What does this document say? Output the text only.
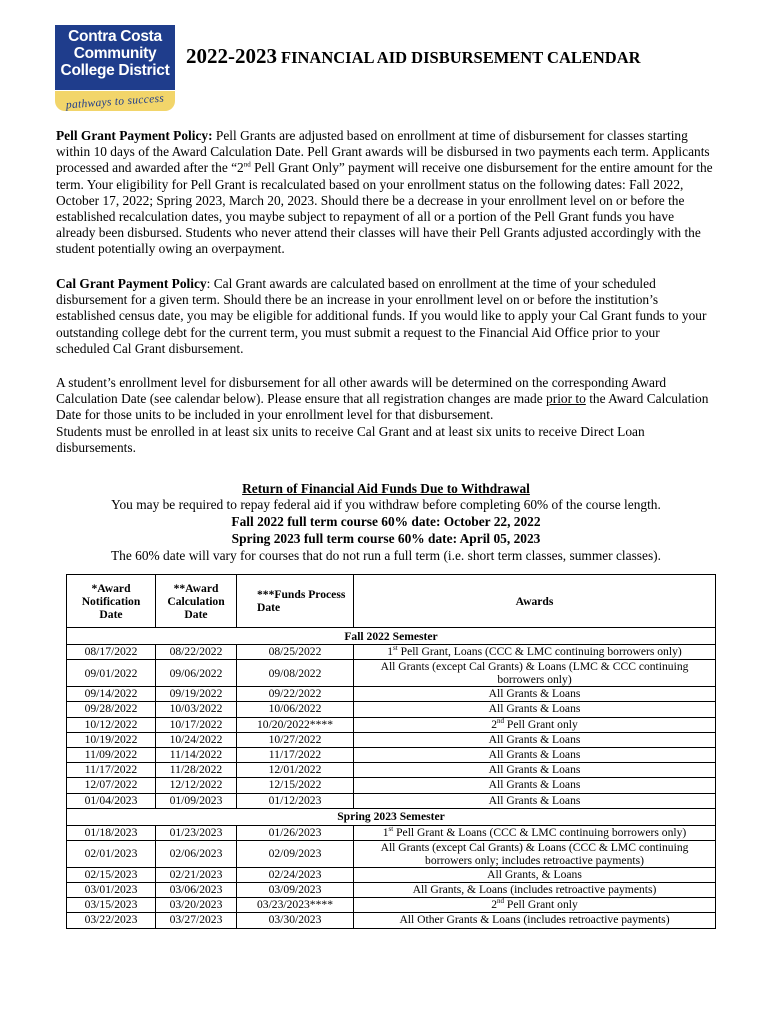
Contra Costa
Community
College District
pathways to success
2022-2023 FINANCIAL AID DISBURSEMENT CALENDAR

Pell Grant Payment Policy: Pell Grants are adjusted based on enrollment at time of disbursement for classes starting within 10 days of the Award Calculation Date. Pell Grant awards will be disbursed in two payments each term. Applicants processed and awarded after the “2nd Pell Grant Only” payment will receive one disbursement for the entire amount for the term. Your eligibility for Pell Grant is recalculated based on your enrollment status on the following dates: Fall 2022, October 17, 2022; Spring 2023, March 20, 2023. Should there be a decrease in your enrollment level on or before the established recalculation dates, you maybe subject to repayment of all or a portion of the Pell Grant funds you have already been disbursed. Students who never attend their classes will have their Pell Grants adjusted accordingly with the student potentially owing an overpayment.

Cal Grant Payment Policy: Cal Grant awards are calculated based on enrollment at the time of your scheduled disbursement for a given term. Should there be an increase in your enrollment level on or before the institution’s established census date, you may be eligible for additional funds. If you would like to apply your Cal Grant funds to your outstanding college debt for the current term, you must submit a request to the Financial Aid Office prior to your scheduled Cal Grant disbursement.

A student’s enrollment level for disbursement for all other awards will be determined on the corresponding Award Calculation Date (see calendar below). Please ensure that all registration changes are made prior to the Award Calculation Date for those units to be included in your enrollment level for that disbursement.
Students must be enrolled in at least six units to receive Cal Grant and at least six units to receive Direct Loan disbursements.

Return of Financial Aid Funds Due to Withdrawal
You may be required to repay federal aid if you withdraw before completing 60% of the course length.
Fall 2022 full term course 60% date: October 22, 2022
Spring 2023 full term course 60% date: April 05, 2023
The 60% date will vary for courses that do not run a full term (i.e. short term classes, summer classes).
*Award Notification Date	**Award Calculation Date	***Funds Process Date	Awards
Fall 2022 Semester			
08/17/2022	08/22/2022	08/25/2022	1st Pell Grant, Loans (CCC & LMC continuing borrowers only)
09/01/2022	09/06/2022	09/08/2022	All Grants (except Cal Grants) & Loans (LMC & CCC continuing borrowers only)
09/14/2022	09/19/2022	09/22/2022	All Grants & Loans
09/28/2022	10/03/2022	10/06/2022	All Grants & Loans
10/12/2022	10/17/2022	10/20/2022****	2nd Pell Grant only
10/19/2022	10/24/2022	10/27/2022	All Grants & Loans
11/09/2022	11/14/2022	11/17/2022	All Grants & Loans
11/17/2022	11/28/2022	12/01/2022	All Grants & Loans
12/07/2022	12/12/2022	12/15/2022	All Grants & Loans
01/04/2023	01/09/2023	01/12/2023	All Grants & Loans
Spring 2023 Semester			
01/18/2023	01/23/2023	01/26/2023	1st Pell Grant & Loans (CCC & LMC continuing borrowers only)
02/01/2023	02/06/2023	02/09/2023	All Grants (except Cal Grants) & Loans (CCC & LMC continuing borrowers only; includes retroactive payments)
02/15/2023	02/21/2023	02/24/2023	All Grants, & Loans
03/01/2023	03/06/2023	03/09/2023	All Grants, & Loans (includes retroactive payments)
03/15/2023	03/20/2023	03/23/2023****	2nd Pell Grant only
03/22/2023	03/27/2023	03/30/2023	All Other Grants & Loans (includes retroactive payments)
